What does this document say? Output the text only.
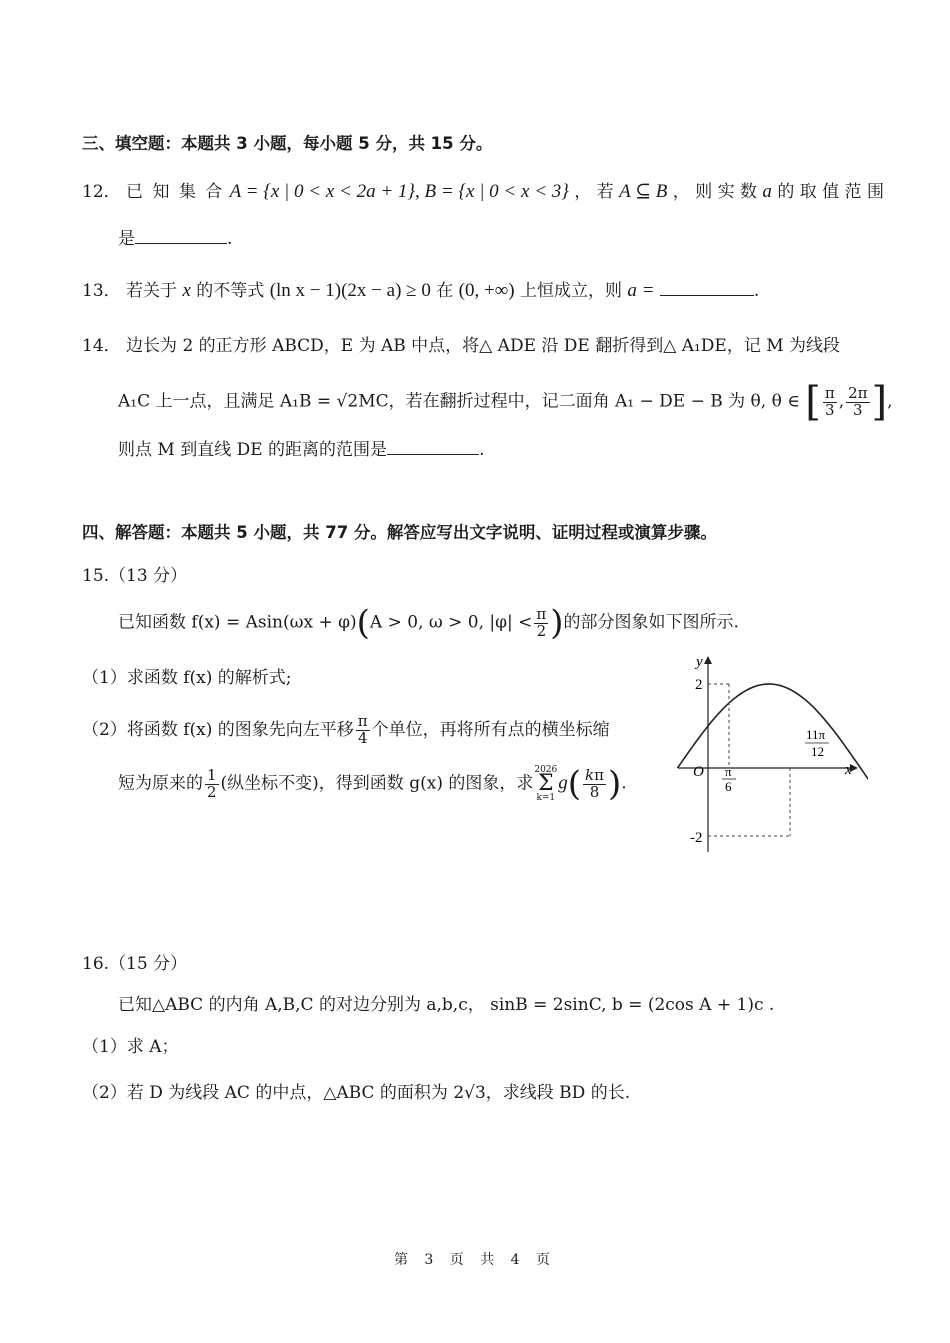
三、填空题：本题共 3 小题，每小题 5 分，共 15 分。
12． 已 知 集 合 A = {x | 0 < x < 2a + 1}, B = {x | 0 < x < 3} ， 若 A ⊆ B ， 则 实 数 a 的 取 值 范 围
是	.
13． 若关于 x 的不等式 (ln x − 1)(2x − a) ≥ 0 在 (0, +∞) 上恒成立，则 a =	.
14． 边长为 2 的正方形 ABCD，E 为 AB 中点，将△ ADE 沿 DE 翻折得到△ A₁DE，记 M 为线段
A₁C 上一点，且满足 A₁B = √2MC，若在翻折过程中，记二面角 A₁ − DE − B 为 θ, θ ∈ [ $\frac{\pi}{3}$ , $\frac{2\pi}{3}$ ],
则点 M 到直线 DE 的距离的范围是	.
四、解答题：本题共 5 小题，共 77 分。解答应写出文字说明、证明过程或演算步骤。
15.（13 分）
已知函数 f(x) = Asin(ωx + φ)(A > 0, ω > 0, $|\varphi| < \frac{\pi}{2}$ )的部分图象如下图所示.
（1）求函数 f(x) 的解析式;
（2）将函数 f(x) 的图象先向左平移 $\frac{\pi}{4}$ 个单位，再将所有点的横坐标缩
短为原来的 $\frac{1}{2}$ (纵坐标不变)，得到函数 g(x) 的图象，求
2026
Σ
k=1
$g( \frac{k\pi}{8}$ ).
y
x
O
2
-2
π
6
11π
12
16.（15 分）
已知△ABC 的内角 A,B,C 的对边分别为 a,b,c， sinB = 2sinC, b = (2cos A + 1)c .
（1）求 A；
（2）若 D 为线段 AC 的中点，△ABC 的面积为 2√3，求线段 BD 的长.
第 3 页 共 4 页
